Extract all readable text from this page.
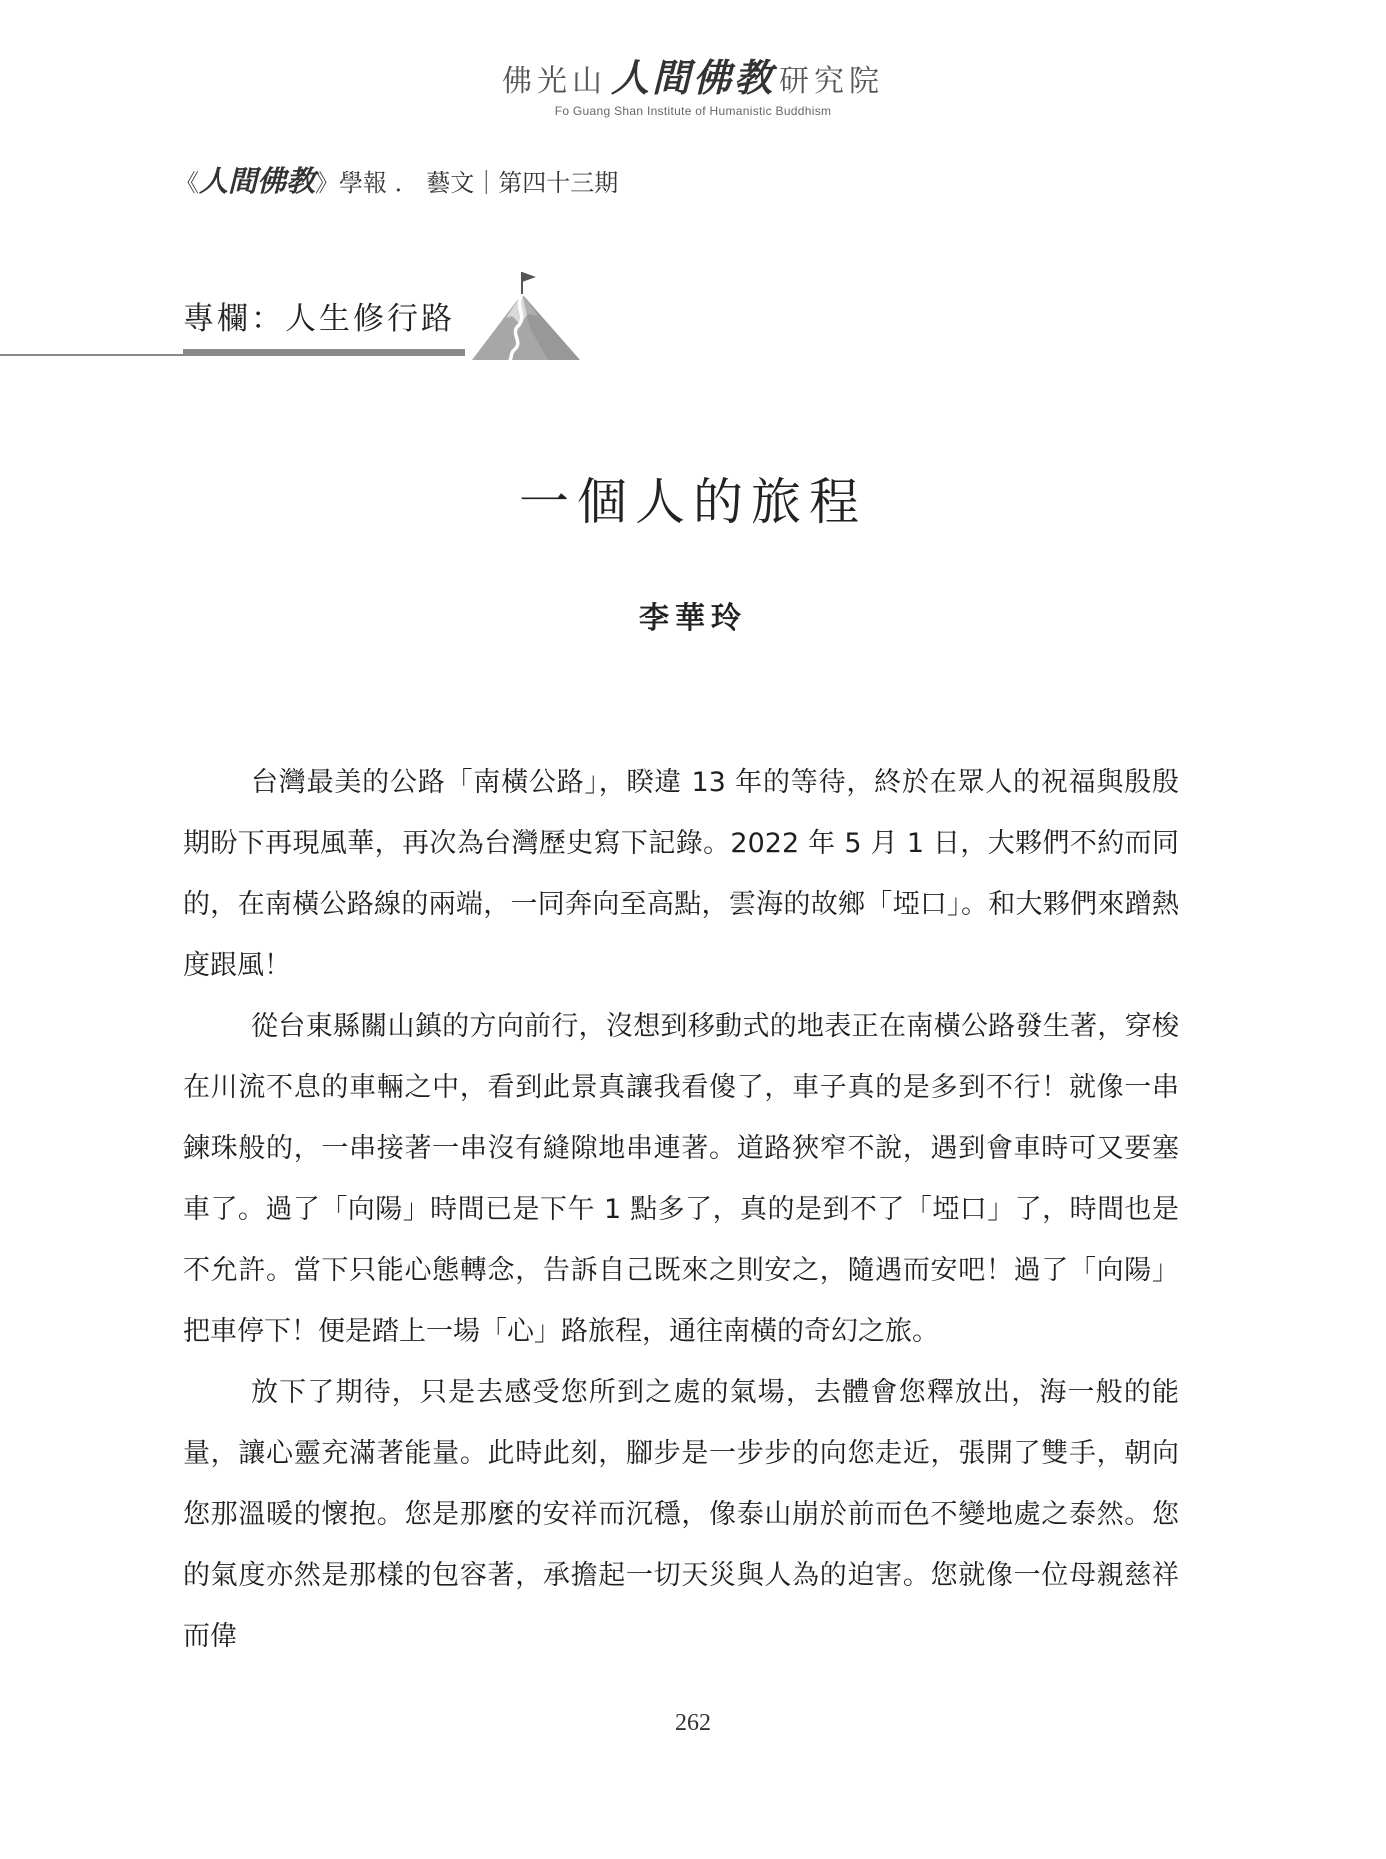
佛光山 人間佛教 研究院
Fo Guang Shan Institute of Humanistic Buddhism
《人間佛教》學報 ． 藝文｜第四十三期
專欄：人生修行路
一個人的旅程
李華玲

台灣最美的公路「南橫公路」，睽違 13 年的等待，終於在眾人的祝福與殷殷期盼下再現風華，再次為台灣歷史寫下記錄。2022 年 5 月 1 日，大夥們不約而同的，在南橫公路線的兩端，一同奔向至高點，雲海的故鄉「埡口」。和大夥們來蹭熱度跟風！

從台東縣關山鎮的方向前行，沒想到移動式的地表正在南橫公路發生著，穿梭在川流不息的車輛之中，看到此景真讓我看傻了，車子真的是多到不行！就像一串鍊珠般的，一串接著一串沒有縫隙地串連著。道路狹窄不說，遇到會車時可又要塞車了。過了「向陽」時間已是下午 1 點多了，真的是到不了「埡口」了，時間也是不允許。當下只能心態轉念，告訴自己既來之則安之，隨遇而安吧！過了「向陽」把車停下！便是踏上一場「心」路旅程，通往南橫的奇幻之旅。

放下了期待，只是去感受您所到之處的氣場，去體會您釋放出，海一般的能量，讓心靈充滿著能量。此時此刻，腳步是一步步的向您走近，張開了雙手，朝向您那溫暖的懷抱。您是那麼的安祥而沉穩，像泰山崩於前而色不變地處之泰然。您的氣度亦然是那樣的包容著，承擔起一切天災與人為的迫害。您就像一位母親慈祥而偉

262
